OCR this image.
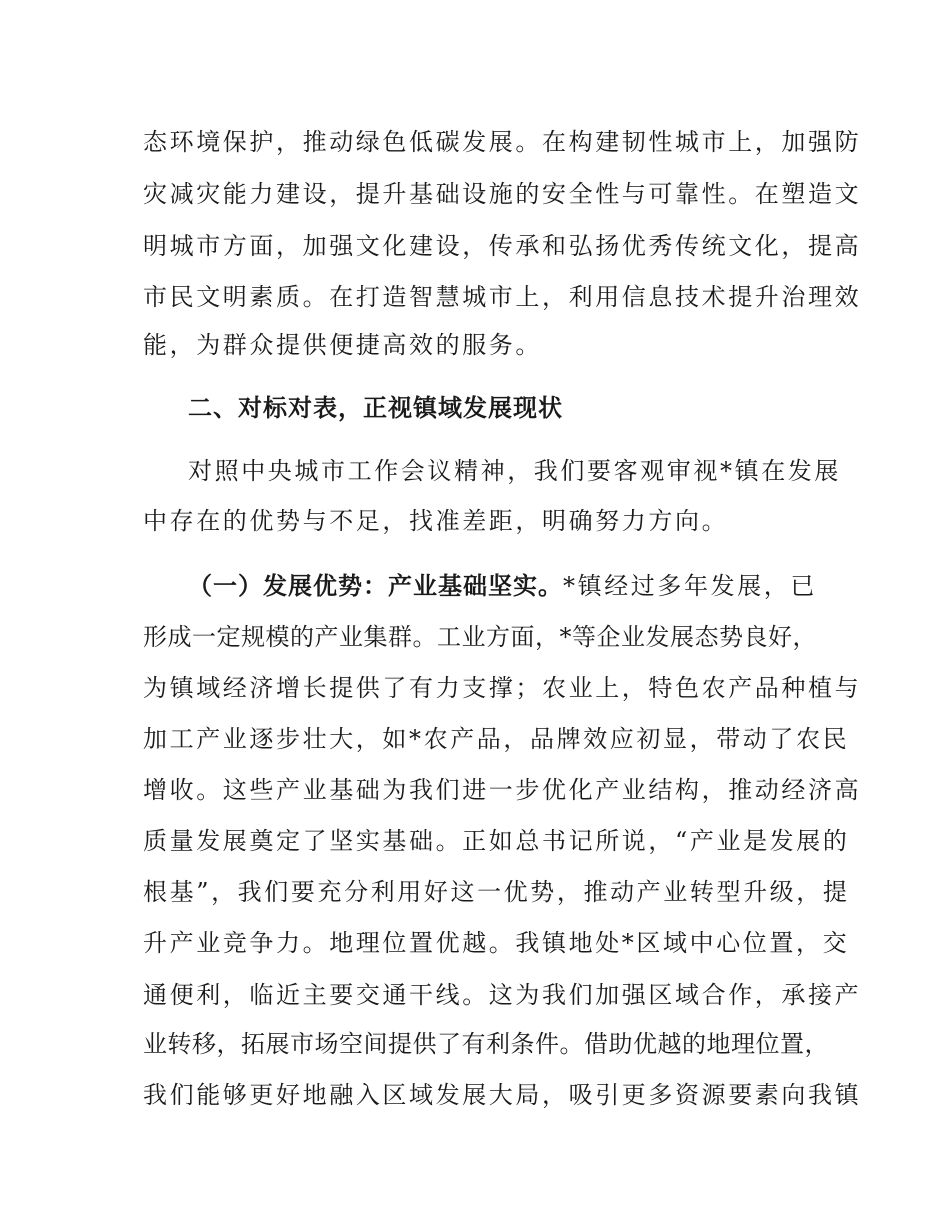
态环境保护，推动绿色低碳发展。在构建韧性城市上，加强防
灾减灾能力建设，提升基础设施的安全性与可靠性。在塑造文
明城市方面，加强文化建设，传承和弘扬优秀传统文化，提高
市民文明素质。在打造智慧城市上，利用信息技术提升治理效
能，为群众提供便捷高效的服务。
二、对标对表，正视镇域发展现状
对照中央城市工作会议精神，我们要客观审视*镇在发展
中存在的优势与不足，找准差距，明确努力方向。
（一）发展优势：产业基础坚实。*镇经过多年发展，已
形成一定规模的产业集群。工业方面，*等企业发展态势良好，
为镇域经济增长提供了有力支撑；农业上，特色农产品种植与
加工产业逐步壮大，如*农产品，品牌效应初显，带动了农民
增收。这些产业基础为我们进一步优化产业结构，推动经济高
质量发展奠定了坚实基础。正如总书记所说，“产业是发展的
根基”，我们要充分利用好这一优势，推动产业转型升级，提
升产业竞争力。地理位置优越。我镇地处*区域中心位置，交
通便利，临近主要交通干线。这为我们加强区域合作，承接产
业转移，拓展市场空间提供了有利条件。借助优越的地理位置，
我们能够更好地融入区域发展大局，吸引更多资源要素向我镇
